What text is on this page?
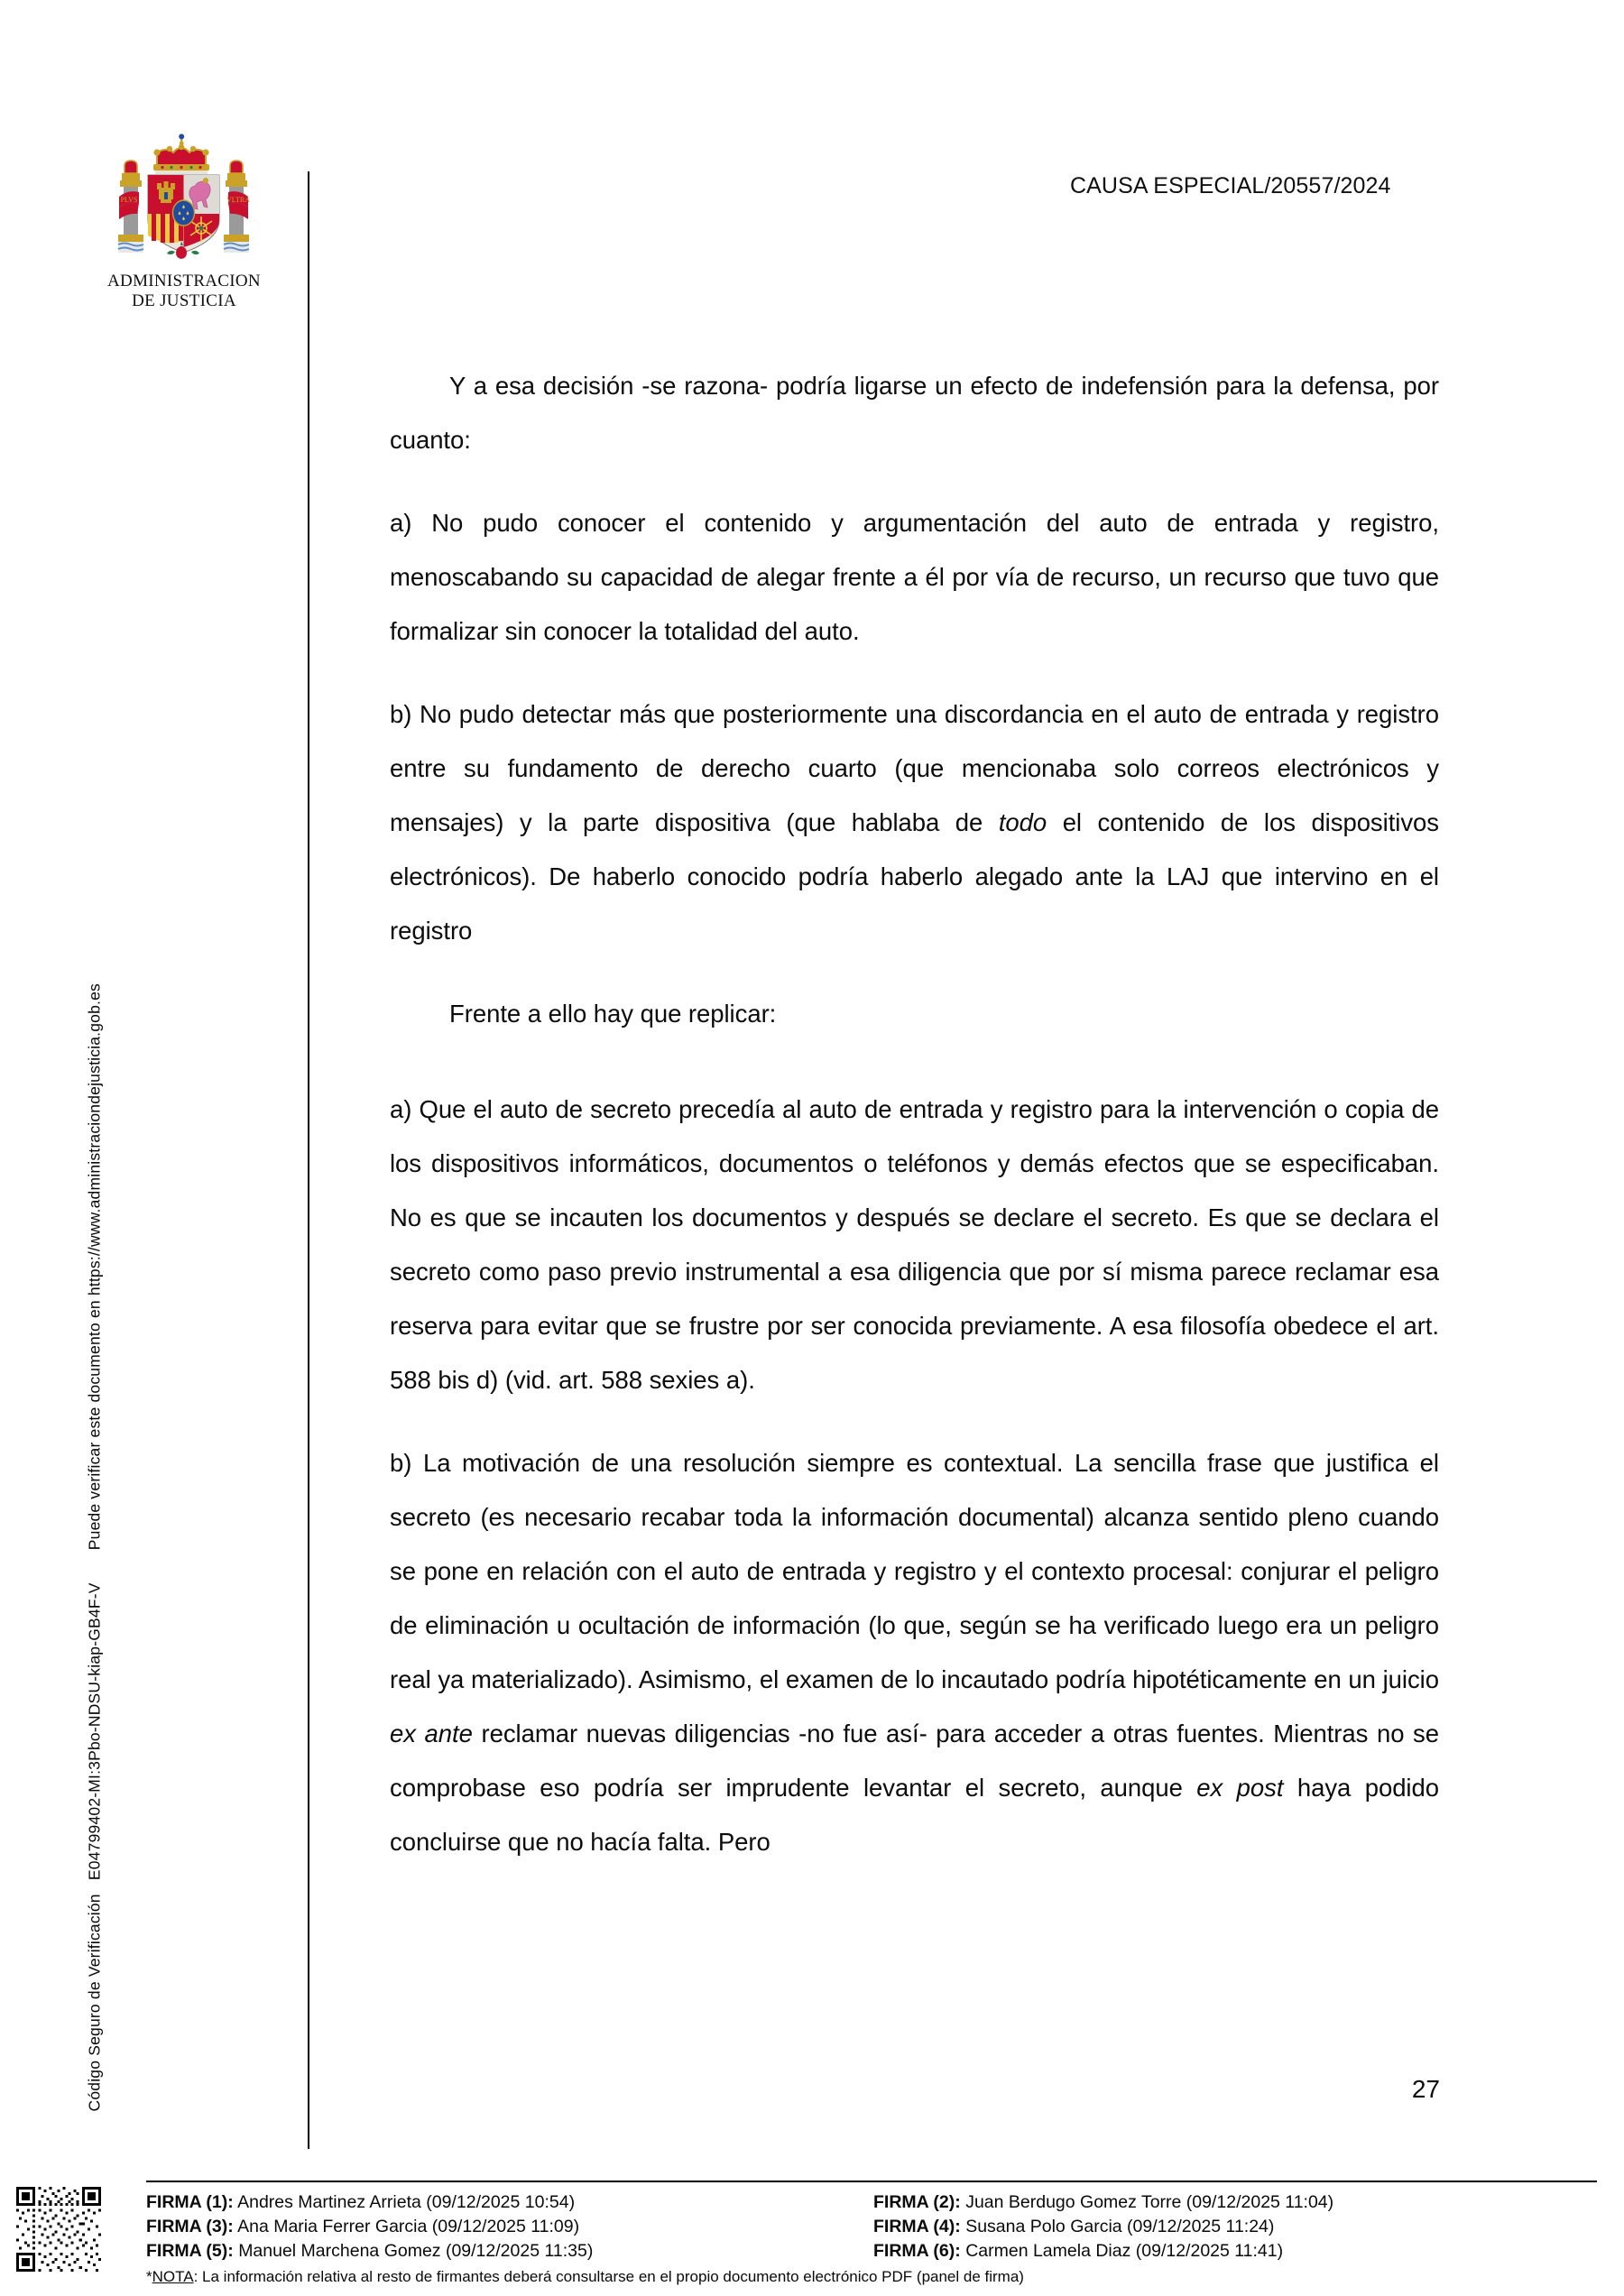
Código Seguro de Verificación   E04799402-MI:3Pbo-NDSU-kiap-GB4F-V  Puede verificar este documento en https://www.administraciondejusticia.gob.es
PLVS	VLTRA
ADMINISTRACION
DE JUSTICIA
CAUSA ESPECIAL/20557/2024

Y a esa decisión -se razona- podría ligarse un efecto de indefensión para la defensa, por cuanto:

a) No pudo conocer el contenido y argumentación del auto de entrada y registro, menoscabando su capacidad de alegar frente a él por vía de recurso, un recurso que tuvo que formalizar sin conocer la totalidad del auto.

b) No pudo detectar más que posteriormente una discordancia en el auto de entrada y registro entre su fundamento de derecho cuarto (que mencionaba solo correos electrónicos y mensajes) y la parte dispositiva (que hablaba de todo el contenido de los dispositivos electrónicos). De haberlo conocido podría haberlo alegado ante la LAJ que intervino en el registro

Frente a ello hay que replicar:

a) Que el auto de secreto precedía al auto de entrada y registro para la intervención o copia de los dispositivos informáticos, documentos o teléfonos y demás efectos que se especificaban. No es que se incauten los documentos y después se declare el secreto. Es que se declara el secreto como paso previo instrumental a esa diligencia que por sí misma parece reclamar esa reserva para evitar que se frustre por ser conocida previamente. A esa filosofía obedece el art. 588 bis d) (vid. art. 588 sexies a).

b) La motivación de una resolución siempre es contextual. La sencilla frase que justifica el secreto (es necesario recabar toda la información documental) alcanza sentido pleno cuando se pone en relación con el auto de entrada y registro y el contexto procesal: conjurar el peligro de eliminación u ocultación de información (lo que, según se ha verificado luego era un peligro real ya materializado). Asimismo, el examen de lo incautado podría hipotéticamente en un juicio ex ante reclamar nuevas diligencias -no fue así- para acceder a otras fuentes. Mientras no se comprobase eso podría ser imprudente levantar el secreto, aunque ex post haya podido concluirse que no hacía falta. Pero

27
FIRMA (1): Andres Martinez Arrieta (09/12/2025 10:54)	FIRMA (2): Juan Berdugo Gomez Torre (09/12/2025 11:04)
FIRMA (3): Ana Maria Ferrer Garcia (09/12/2025 11:09)	FIRMA (4): Susana Polo Garcia (09/12/2025 11:24)
FIRMA (5): Manuel Marchena Gomez (09/12/2025 11:35)	FIRMA (6): Carmen Lamela Diaz (09/12/2025 11:41)
*NOTA: La información relativa al resto de firmantes deberá consultarse en el propio documento electrónico PDF (panel de firma)
